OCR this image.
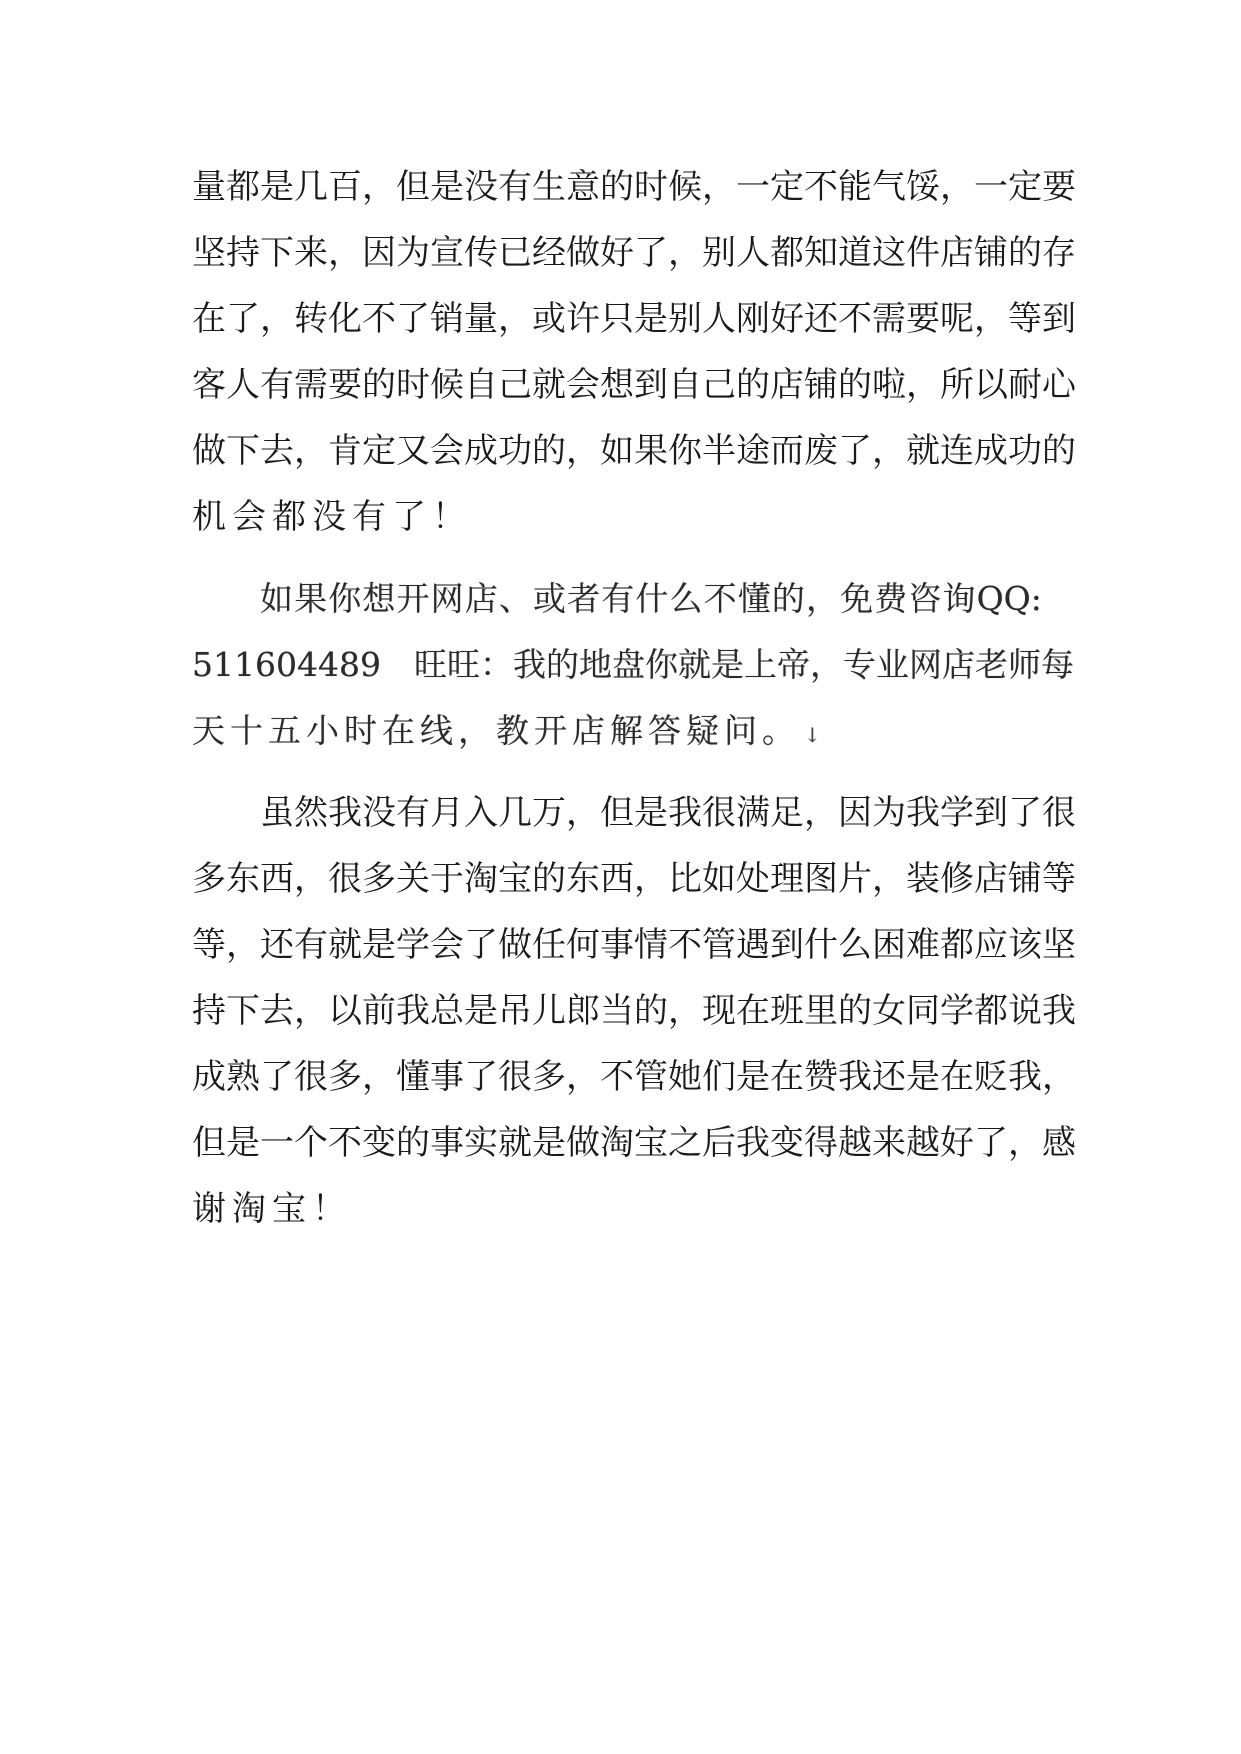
量 都 是 几 百 ， 但 是 没 有 生 意 的 时 候 ， 一 定 不 能 气 馁 ， 一 定 要
坚 持 下 来 ， 因 为 宣 传 已 经 做 好 了 ， 别 人 都 知 道 这 件 店 铺 的 存
在 了 ， 转 化 不 了 销 量 ， 或 许 只 是 别 人 刚 好 还 不 需 要 呢 ， 等 到
客 人 有 需 要 的 时 候 自 己 就 会 想 到 自 己 的 店 铺 的 啦 ， 所 以 耐 心
做 下 去 ， 肯 定 又 会 成 功 的 ， 如 果 你 半 途 而 废 了 ， 就 连 成 功 的
机会都没有了！
如 果 你 想 开 网 店 、 或 者 有 什 么 不 懂 的 ， 免 费 咨 询 QQ:
511604489
　 旺 旺 ： 我 的 地 盘 你 就 是 上 帝 ， 专 业 网 店 老 师 每
天十五小时在线，教开店解答疑问。 ↓
虽 然 我 没 有 月 入 几 万 ， 但 是 我 很 满 足 ， 因 为 我 学 到 了 很
多 东 西 ， 很 多 关 于 淘 宝 的 东 西 ， 比 如 处 理 图 片 ， 装 修 店 铺 等
等 ， 还 有 就 是 学 会 了 做 任 何 事 情 不 管 遇 到 什 么 困 难 都 应 该 坚
持 下 去 ， 以 前 我 总 是 吊 儿 郎 当 的 ， 现 在 班 里 的 女 同 学 都 说 我
成 熟 了 很 多 ， 懂 事 了 很 多 ， 不 管 她 们 是 在 赞 我 还 是 在 贬 我 ，
但 是 一 个 不 变 的 事 实 就 是 做 淘 宝 之 后 我 变 得 越 来 越 好 了 ， 感
谢淘宝！
